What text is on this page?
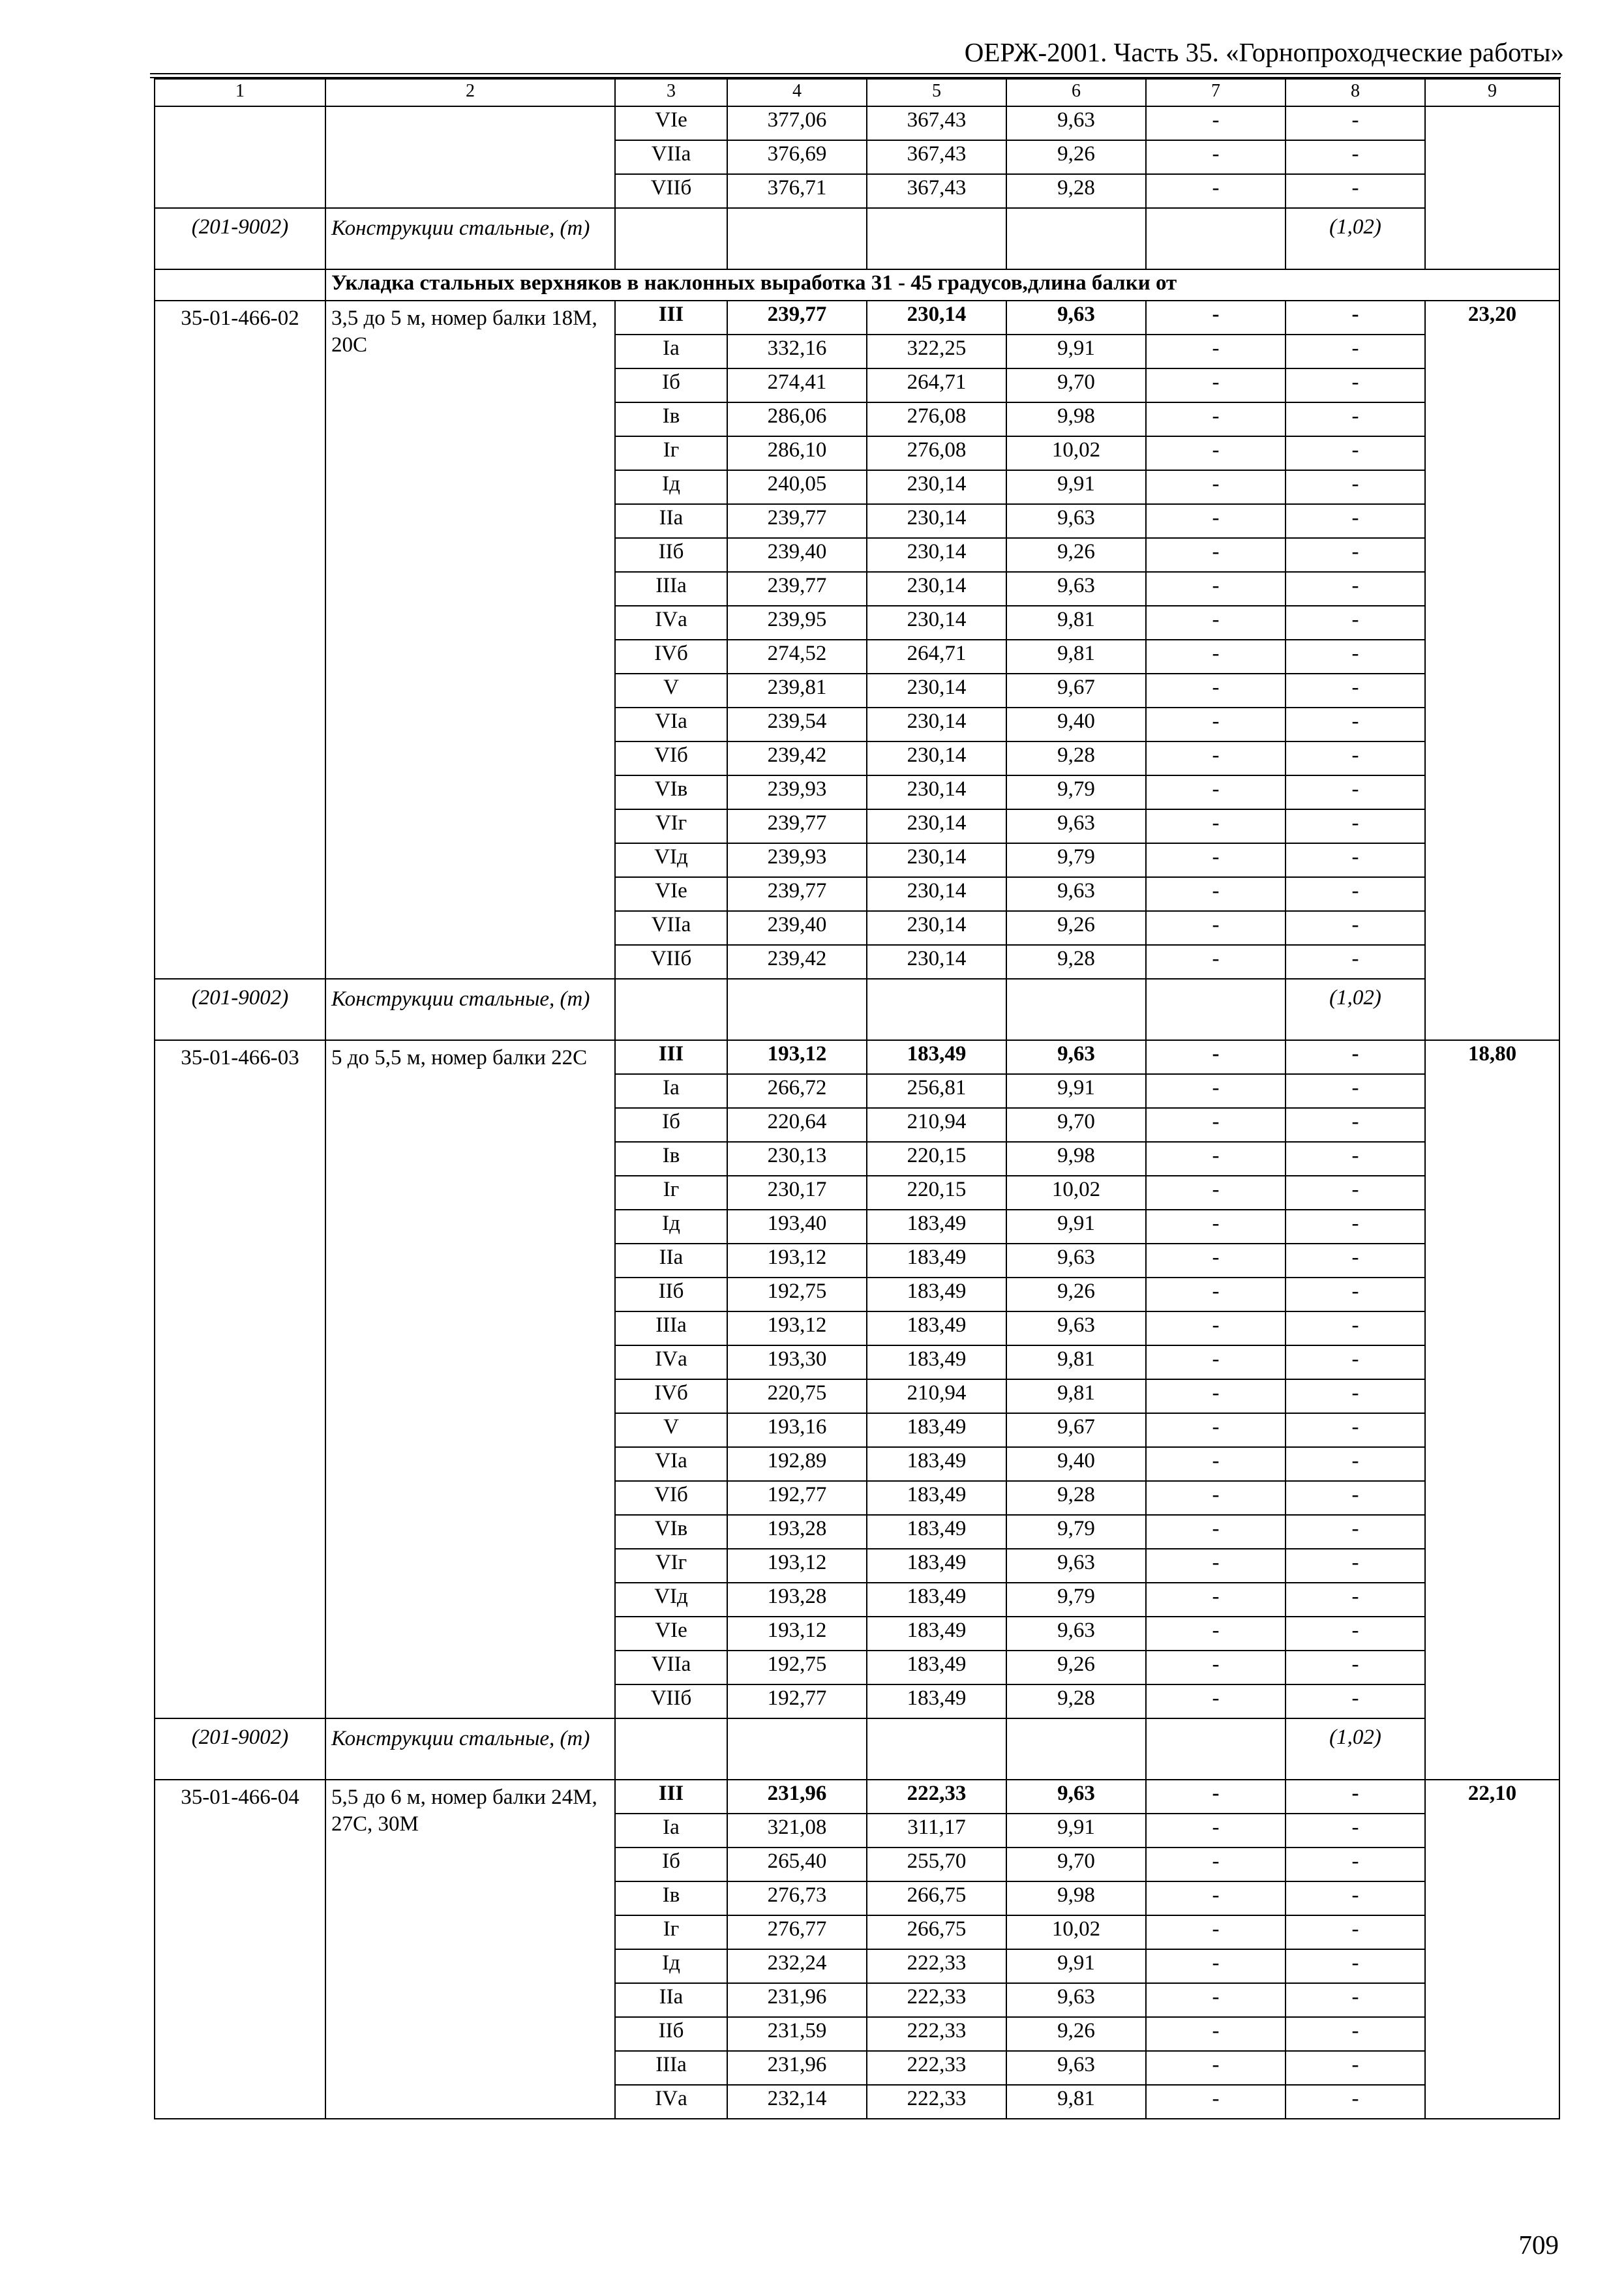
ОЕРЖ-2001. Часть 35. «Горнопроходческие работы»
1	2	3	4	5	6	7	8	9
		VIе	377,06	367,43	9,63	-	-	
		VIIа	376,69	367,43	9,26	-	-	
		VIIб	376,71	367,43	9,28	-	-	

(201-9002)	Конструкции стальные, (т)						(1,02)	

	Укладка стальных верхняков в наклонных выработка 31 - 45 градусов,длина балки от							
35-01-466-02	3,5 до 5 м, номер балки 18М, 20С	III	239,77	230,14	9,63	-	-	23,20
		Iа	332,16	322,25	9,91	-	-	
		Iб	274,41	264,71	9,70	-	-	
		Iв	286,06	276,08	9,98	-	-	
		Iг	286,10	276,08	10,02	-	-	
		Iд	240,05	230,14	9,91	-	-	
		IIа	239,77	230,14	9,63	-	-	
		IIб	239,40	230,14	9,26	-	-	
		IIIа	239,77	230,14	9,63	-	-	
		IVа	239,95	230,14	9,81	-	-	
		IVб	274,52	264,71	9,81	-	-	
		V	239,81	230,14	9,67	-	-	
		VIа	239,54	230,14	9,40	-	-	
		VIб	239,42	230,14	9,28	-	-	
		VIв	239,93	230,14	9,79	-	-	
		VIг	239,77	230,14	9,63	-	-	
		VIд	239,93	230,14	9,79	-	-	
		VIе	239,77	230,14	9,63	-	-	
		VIIа	239,40	230,14	9,26	-	-	
		VIIб	239,42	230,14	9,28	-	-	

(201-9002)	Конструкции стальные, (т)						(1,02)	

35-01-466-03	5 до 5,5 м, номер балки 22С	III	193,12	183,49	9,63	-	-	18,80
		Iа	266,72	256,81	9,91	-	-	
		Iб	220,64	210,94	9,70	-	-	
		Iв	230,13	220,15	9,98	-	-	
		Iг	230,17	220,15	10,02	-	-	
		Iд	193,40	183,49	9,91	-	-	
		IIа	193,12	183,49	9,63	-	-	
		IIб	192,75	183,49	9,26	-	-	
		IIIа	193,12	183,49	9,63	-	-	
		IVа	193,30	183,49	9,81	-	-	
		IVб	220,75	210,94	9,81	-	-	
		V	193,16	183,49	9,67	-	-	
		VIа	192,89	183,49	9,40	-	-	
		VIб	192,77	183,49	9,28	-	-	
		VIв	193,28	183,49	9,79	-	-	
		VIг	193,12	183,49	9,63	-	-	
		VIд	193,28	183,49	9,79	-	-	
		VIе	193,12	183,49	9,63	-	-	
		VIIа	192,75	183,49	9,26	-	-	
		VIIб	192,77	183,49	9,28	-	-	

(201-9002)	Конструкции стальные, (т)						(1,02)	

35-01-466-04	5,5 до 6 м, номер балки 24М, 27С, 30М	III	231,96	222,33	9,63	-	-	22,10
		Iа	321,08	311,17	9,91	-	-	
		Iб	265,40	255,70	9,70	-	-	
		Iв	276,73	266,75	9,98	-	-	
		Iг	276,77	266,75	10,02	-	-	
		Iд	232,24	222,33	9,91	-	-	
		IIа	231,96	222,33	9,63	-	-	
		IIб	231,59	222,33	9,26	-	-	
		IIIа	231,96	222,33	9,63	-	-	
		IVа	232,14	222,33	9,81	-	-	
709
